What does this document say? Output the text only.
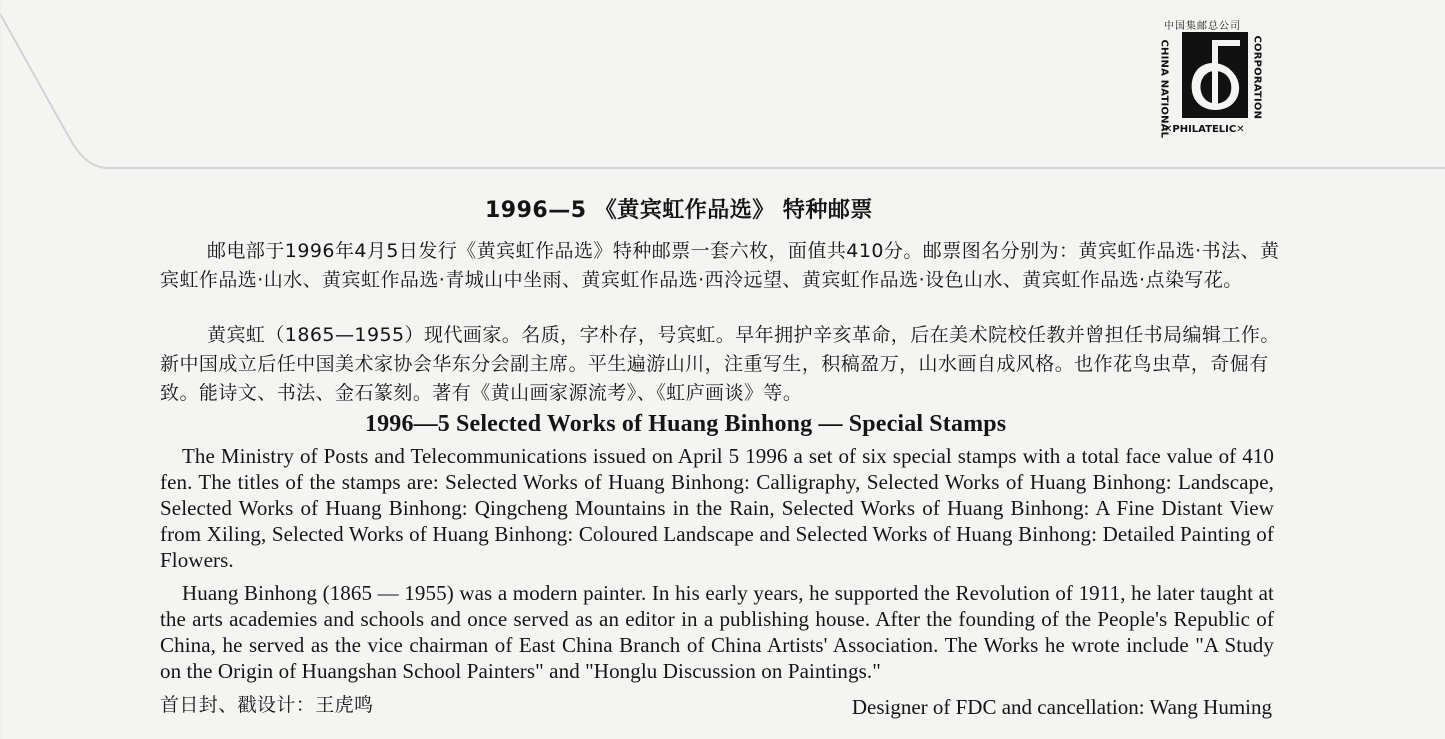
中国集邮总公司
CHINA NATIONAL	CORPORATION
✕PHILATELIC✕
1996—5 《黄宾虹作品选》 特种邮票
邮电部于1996年4月5日发行《黄宾虹作品选》特种邮票一套六枚，面值共410分。邮票图名分别为：黄宾虹作品选·书法、黄宾虹作品选·山水、黄宾虹作品选·青城山中坐雨、黄宾虹作品选·西泠远望、黄宾虹作品选·设色山水、黄宾虹作品选·点染写花。
黄宾虹（1865—1955）现代画家。名质，字朴存，号宾虹。早年拥护辛亥革命，后在美术院校任教并曾担任书局编辑工作。新中国成立后任中国美术家协会华东分会副主席。平生遍游山川，注重写生，积稿盈万，山水画自成风格。也作花鸟虫草，奇倔有致。能诗文、书法、金石篆刻。著有《黄山画家源流考》、《虹庐画谈》等。
1996—5 Selected Works of Huang Binhong — Special Stamps
The Ministry of Posts and Telecommunications issued on April 5 1996 a set of six special stamps with a total face value of 410 fen. The titles of the stamps are: Selected Works of Huang Binhong: Calligraphy, Selected Works of Huang Binhong: Landscape, Selected Works of Huang Binhong: Qingcheng Mountains in the Rain, Selected Works of Huang Binhong: A Fine Distant View from Xiling, Selected Works of Huang Binhong: Coloured Landscape and Selected Works of Huang Binhong: Detailed Painting of Flowers.
Huang Binhong (1865 — 1955) was a modern painter. In his early years, he supported the Revolution of 1911, he later taught at the arts academies and schools and once served as an editor in a publishing house. After the founding of the People's Republic of China, he served as the vice chairman of East China Branch of China Artists' Association. The Works he wrote include "A Study on the Origin of Huangshan School Painters" and "Honglu Discussion on Paintings."
首日封、戳设计：王虎鸣	Designer of FDC and cancellation: Wang Huming
